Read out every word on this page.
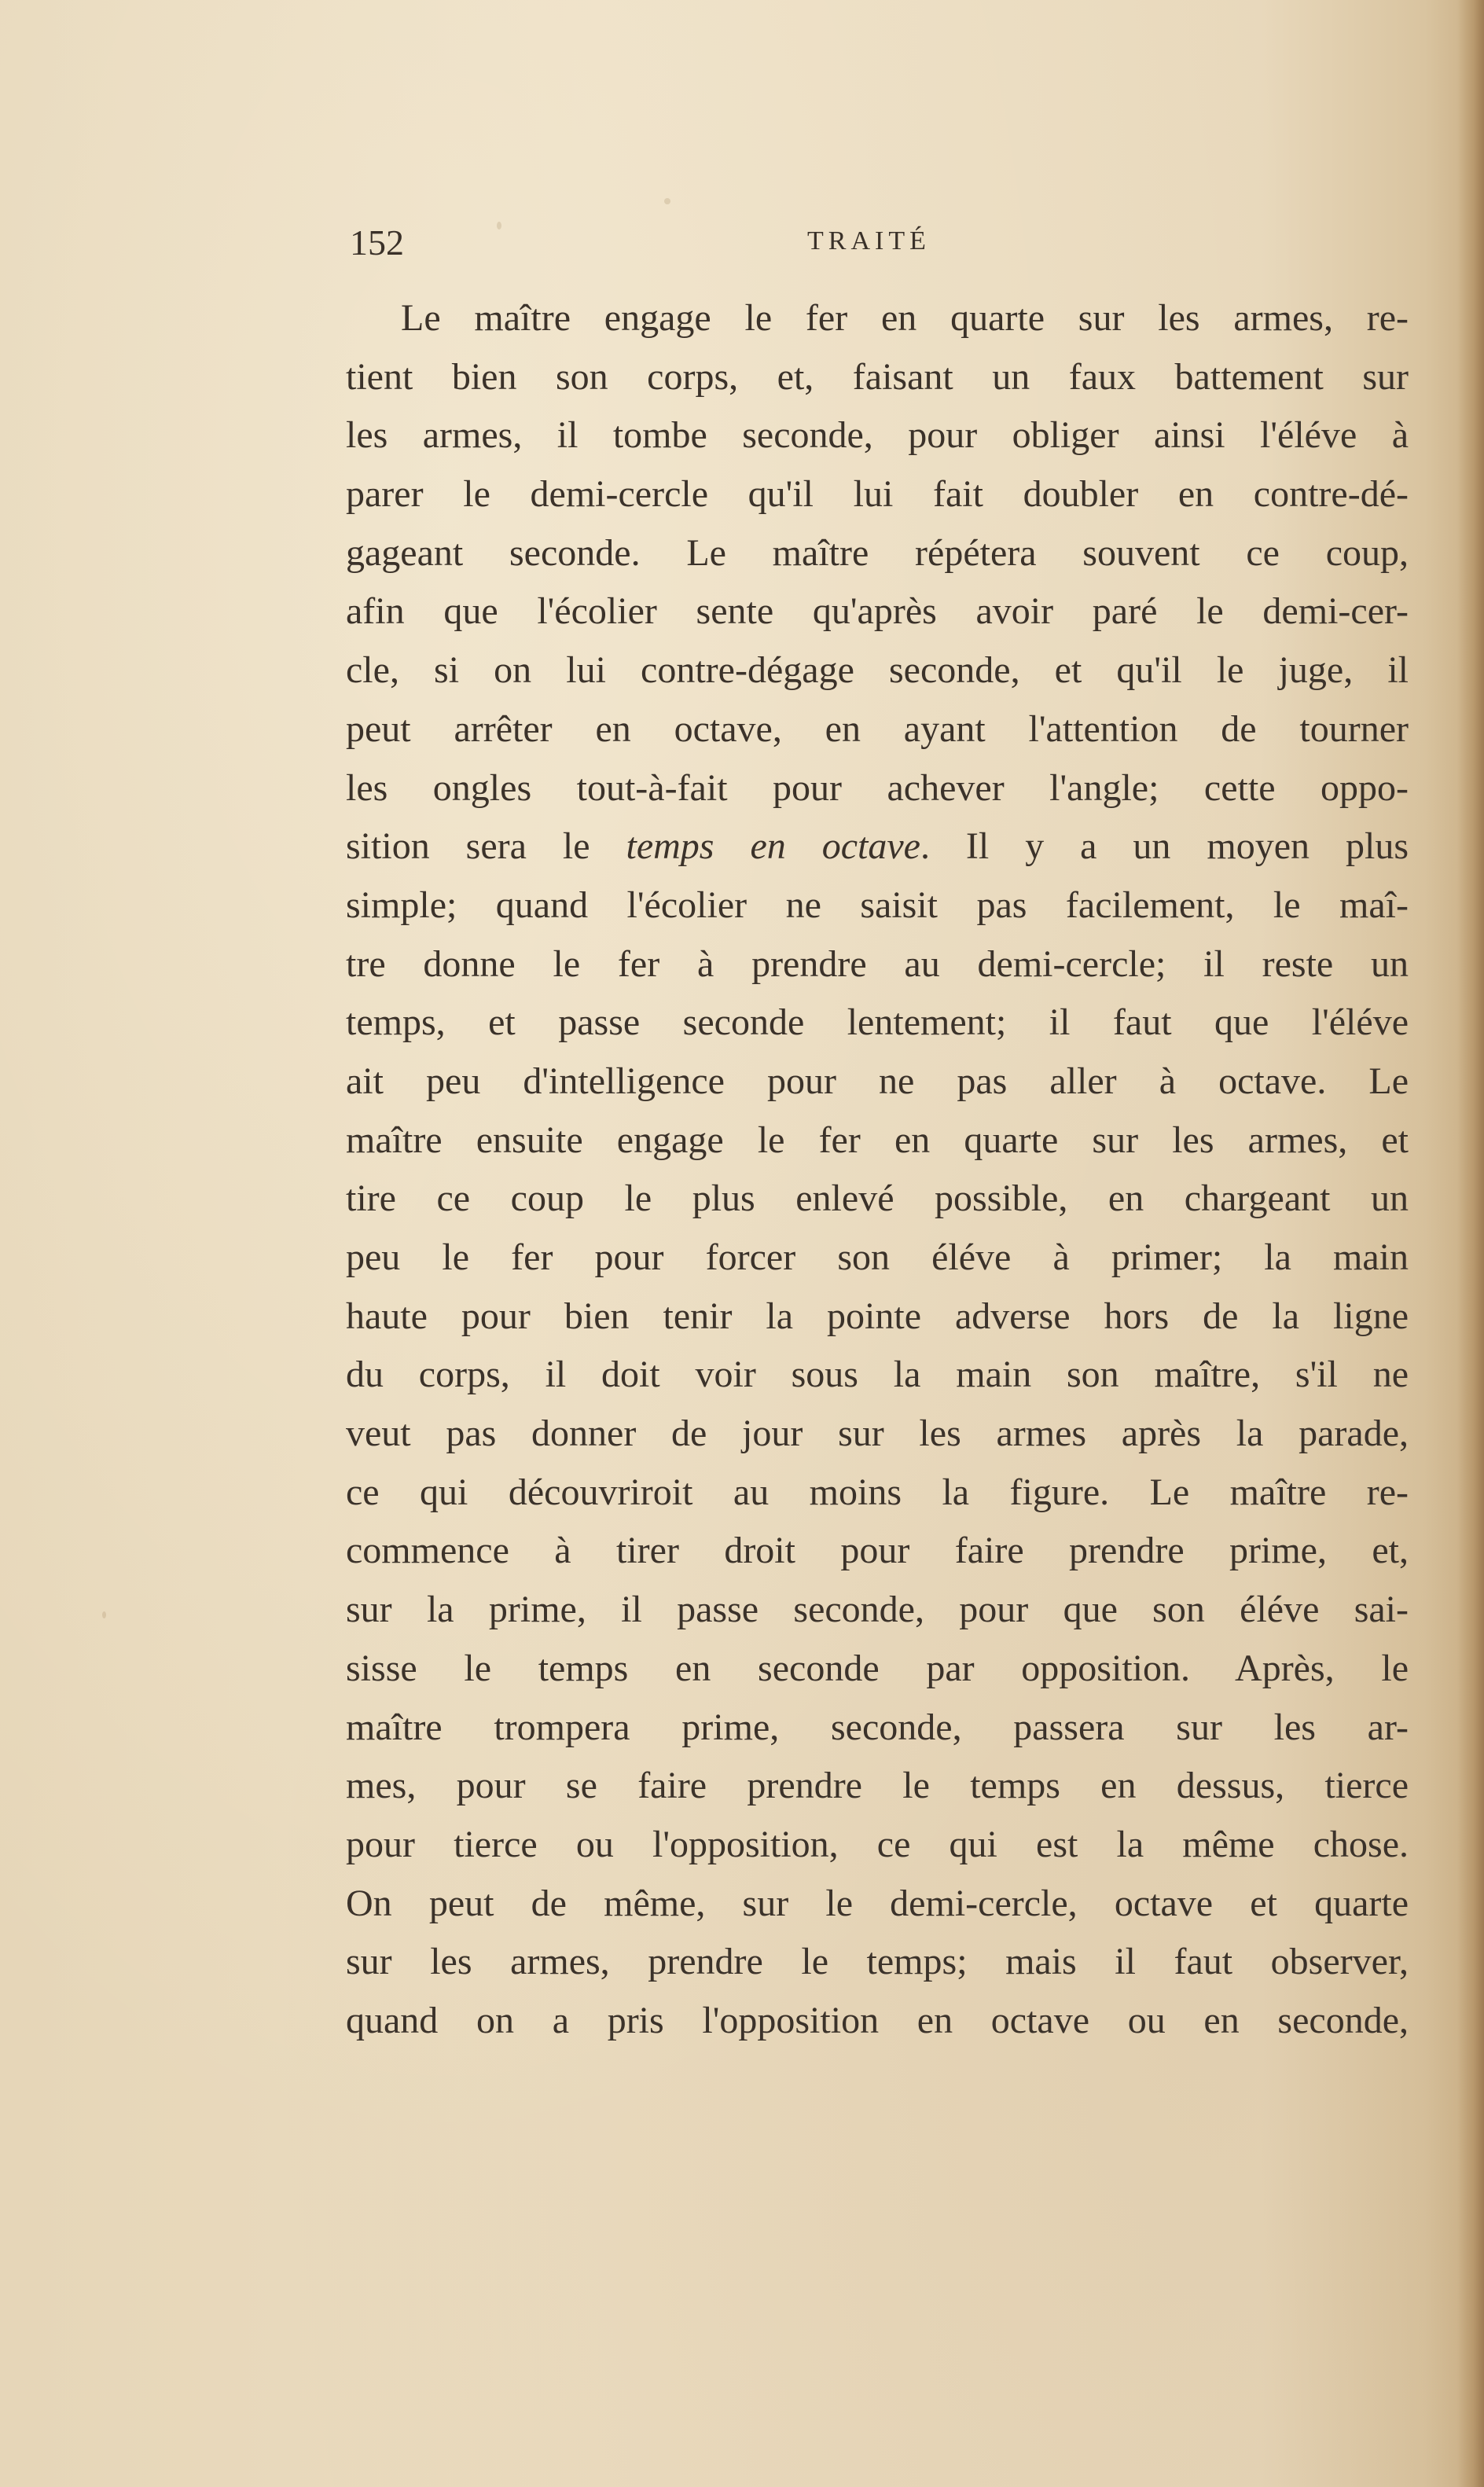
152	TRAITÉ
Le maître engage le fer en quarte sur les armes, re-
tient bien son corps, et, faisant un faux battement sur
les armes, il tombe seconde, pour obliger ainsi l'éléve à
parer le demi-cercle qu'il lui fait doubler en contre-dé-
gageant seconde. Le maître répétera souvent ce coup,
afin que l'écolier sente qu'après avoir paré le demi-cer-
cle, si on lui contre-dégage seconde, et qu'il le juge, il
peut arrêter en octave, en ayant l'attention de tourner
les ongles tout-à-fait pour achever l'angle; cette oppo-
sition sera le temps en octave. Il y a un moyen plus
simple; quand l'écolier ne saisit pas facilement, le maî-
tre donne le fer à prendre au demi-cercle; il reste un
temps, et passe seconde lentement; il faut que l'éléve
ait peu d'intelligence pour ne pas aller à octave. Le
maître ensuite engage le fer en quarte sur les armes, et
tire ce coup le plus enlevé possible, en chargeant un
peu le fer pour forcer son éléve à primer; la main
haute pour bien tenir la pointe adverse hors de la ligne
du corps, il doit voir sous la main son maître, s'il ne
veut pas donner de jour sur les armes après la parade,
ce qui découvriroit au moins la figure. Le maître re-
commence à tirer droit pour faire prendre prime, et,
sur la prime, il passe seconde, pour que son éléve sai-
sisse le temps en seconde par opposition. Après, le
maître trompera prime, seconde, passera sur les ar-
mes, pour se faire prendre le temps en dessus, tierce
pour tierce ou l'opposition, ce qui est la même chose.
On peut de même, sur le demi-cercle, octave et quarte
sur les armes, prendre le temps; mais il faut observer,
quand on a pris l'opposition en octave ou en seconde,
